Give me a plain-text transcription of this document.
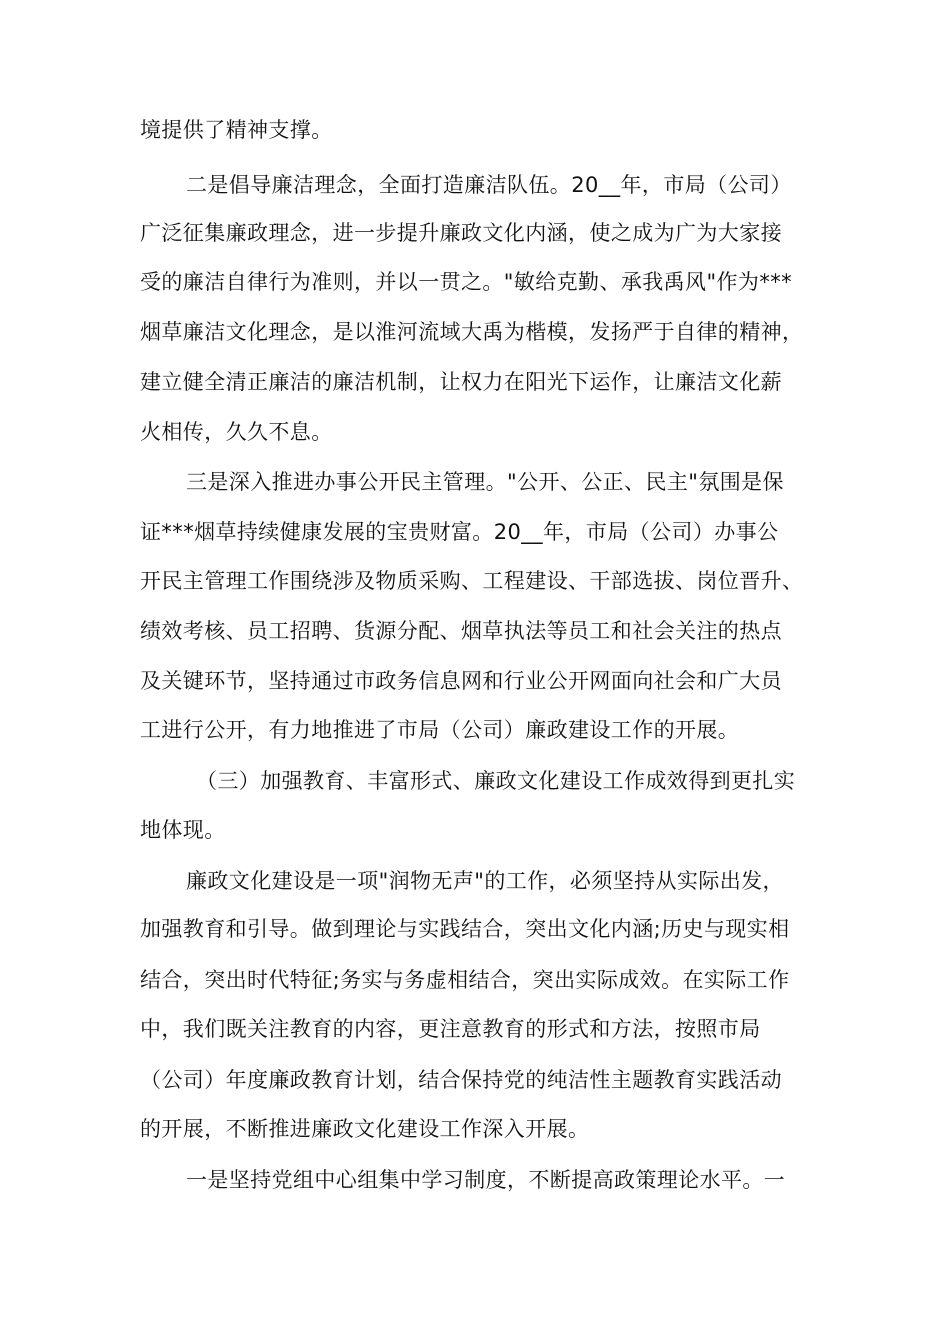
境提供了精神支撑。
二是倡导廉洁理念，全面打造廉洁队伍。20__年，市局（公司）
广泛征集廉政理念，进一步提升廉政文化内涵，使之成为广为大家接
受的廉洁自律行为准则，并以一贯之。"敏给克勤、承我禹风"作为***
烟草廉洁文化理念，是以淮河流域大禹为楷模，发扬严于自律的精神，
建立健全清正廉洁的廉洁机制，让权力在阳光下运作，让廉洁文化薪
火相传，久久不息。
三是深入推进办事公开民主管理。"公开、公正、民主"氛围是保
证***烟草持续健康发展的宝贵财富。20__年，市局（公司）办事公
开民主管理工作围绕涉及物质采购、工程建设、干部选拔、岗位晋升、
绩效考核、员工招聘、货源分配、烟草执法等员工和社会关注的热点
及关键环节，坚持通过市政务信息网和行业公开网面向社会和广大员
工进行公开，有力地推进了市局（公司）廉政建设工作的开展。
（三）加强教育、丰富形式、廉政文化建设工作成效得到更扎实
地体现。
廉政文化建设是一项"润物无声"的工作，必须坚持从实际出发，
加强教育和引导。做到理论与实践结合，突出文化内涵;历史与现实相
结合，突出时代特征;务实与务虚相结合，突出实际成效。在实际工作
中，我们既关注教育的内容，更注意教育的形式和方法，按照市局
（公司）年度廉政教育计划，结合保持党的纯洁性主题教育实践活动
的开展，不断推进廉政文化建设工作深入开展。
一是坚持党组中心组集中学习制度，不断提高政策理论水平。一
